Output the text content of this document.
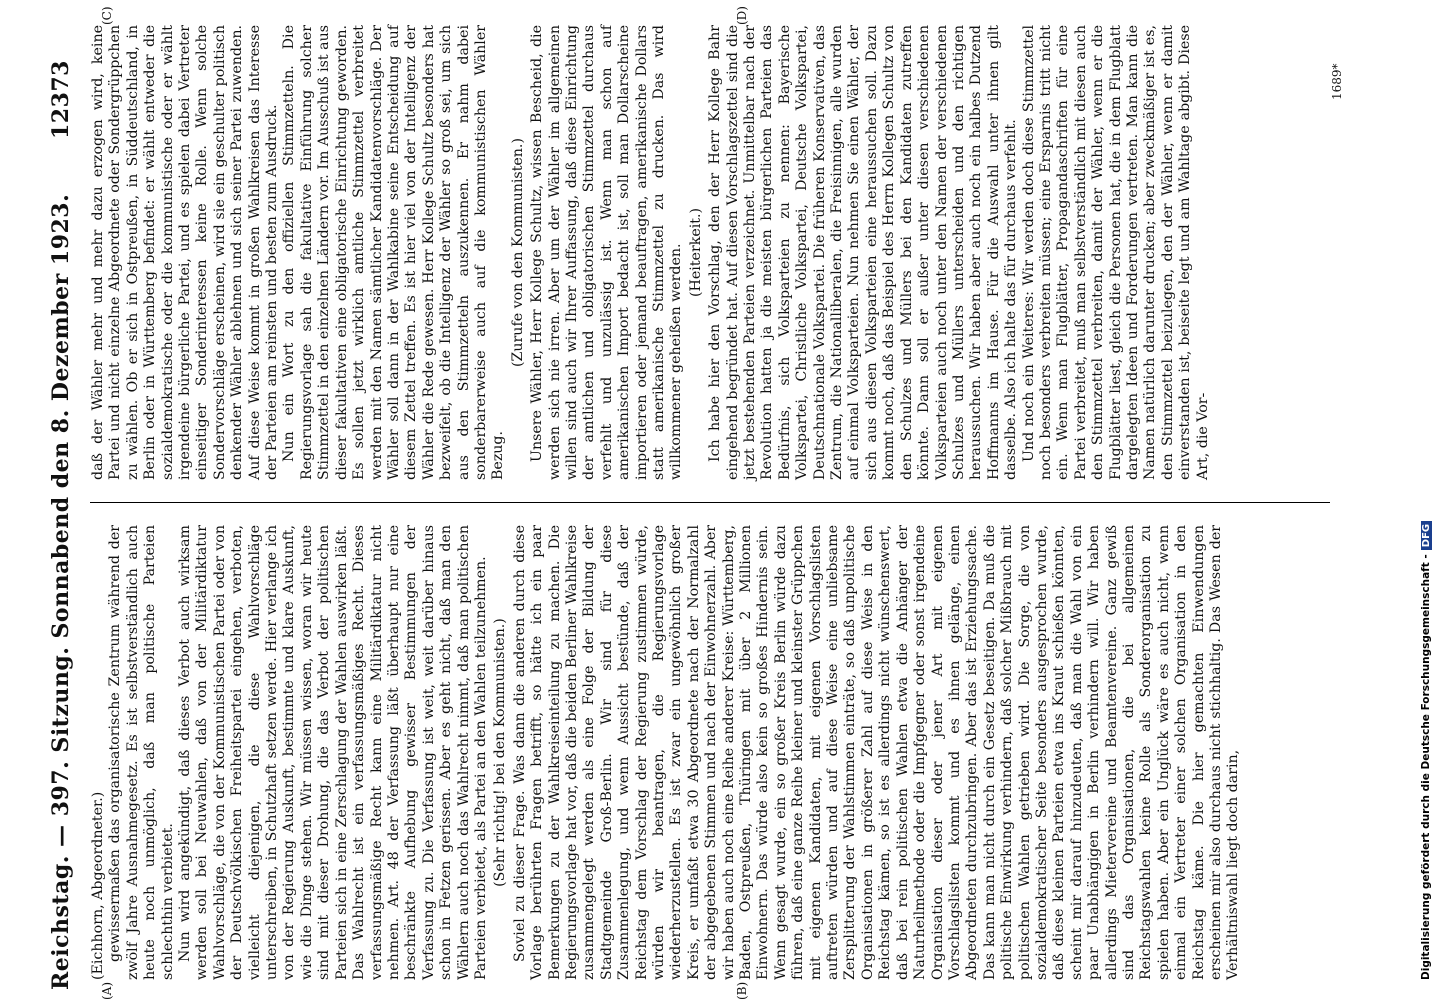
Reichstag. — 397. Sitzung. Sonnabend den 8. Dezember 1923.
12373
(A)	(B)
(C)	(D)

(Eichhorn, Abgeordneter.) gewissermaßen das organisatorische Zentrum während der zwölf Jahre Ausnahmegesetz. Es ist selbstverständlich auch heute noch unmöglich, daß man politische Parteien schlechthin verbietet. Nun wird angekündigt, daß dieses Verbot auch wirksam werden soll bei Neuwahlen, daß von der Militärdiktatur Wahlvorschläge, die von der Kommunistischen Partei oder von der Deutschvölkischen Freiheitspartei eingehen, verboten, vielleicht diejenigen, die diese Wahlvorschläge unterschreiben, in Schutzhaft setzen werde. Hier verlange ich von der Regierung Auskunft, bestimmte und klare Auskunft, wie die Dinge stehen. Wir müssen wissen, woran wir heute sind mit dieser Drohung, die das Verbot der politischen Parteien sich in eine Zerschlagung der Wahlen auswirken läßt. Das Wahlrecht ist ein verfassungsmäßiges Recht. Dieses verfassungsmäßige Recht kann eine Militärdiktatur nicht nehmen. Art. 48 der Verfassung läßt überhaupt nur eine beschränkte Aufhebung gewisser Bestimmungen der Verfassung zu. Die Verfassung ist weit, weit darüber hinaus schon in Fetzen gerissen. Aber es geht nicht, daß man den Wählern auch noch das Wahlrecht nimmt, daß man politischen Parteien verbietet, als Partei an den Wahlen teilzunehmen. (Sehr richtig! bei den Kommunisten.) Soviel zu dieser Frage. Was dann die anderen durch diese Vorlage berührten Fragen betrifft, so hätte ich ein paar Bemerkungen zu der Wahlkreiseinteilung zu machen. Die Regierungsvorlage hat vor, daß die beiden Berliner Wahlkreise zusammengelegt werden als eine Folge der Bildung der Stadtgemeinde Groß-Berlin. Wir sind für diese Zusammenlegung, und wenn Aussicht bestünde, daß der Reichstag dem Vorschlag der Regierung zustimmen würde, würden wir beantragen, die Regierungsvorlage wiederherzustellen. Es ist zwar ein ungewöhnlich großer Kreis, er umfaßt etwa 30 Abgeordnete nach der Normalzahl der abgegebenen Stimmen und nach der Einwohnerzahl. Aber wir haben auch noch eine Reihe anderer Kreise: Württemberg, Baden, Ostpreußen, Thüringen mit über 2 Millionen Einwohnern. Das würde also kein so großes Hindernis sein. Wenn gesagt wurde, ein so großer Kreis Berlin würde dazu führen, daß eine ganze Reihe kleiner und kleinster Grüppchen mit eigenen Kandidaten, mit eigenen Vorschlagslisten auftreten würden und auf diese Weise eine unliebsame Zersplitterung der Wahlstimmen einträte, so daß unpolitische Organisationen in größerer Zahl auf diese Weise in den Reichstag kämen, so ist es allerdings nicht wünschenswert, daß bei rein politischen Wahlen etwa die Anhänger der Naturheilmethode oder die Impfgegner oder sonst irgendeine Organisation dieser oder jener Art mit eigenen Vorschlagslisten kommt und es ihnen gelänge, einen Abgeordneten durchzubringen. Aber das ist Erziehungssache. Das kann man nicht durch ein Gesetz beseitigen. Da muß die politische Einwirkung verhindern, daß solcher Mißbrauch mit politischen Wahlen getrieben wird. Die Sorge, die von sozialdemokratischer Seite besonders ausgesprochen wurde, daß diese kleinen Parteien etwa ins Kraut schießen könnten, scheint mir darauf hinzudeuten, daß man die Wahl von ein paar Unabhängigen in Berlin verhindern will. Wir haben allerdings Mietervereine und Beamtenvereine. Ganz gewiß sind das Organisationen, die bei allgemeinen Reichstagswahlen keine Rolle als Sonderorganisation zu spielen haben. Aber ein Unglück wäre es auch nicht, wenn einmal ein Vertreter einer solchen Organisation in den Reichstag käme. Die hier gemachten Einwendungen erscheinen mir also durchaus nicht stichhaltig. Das Wesen der Verhältniswahl liegt doch darin,

daß der Wähler mehr und mehr dazu erzogen wird, keine Partei und nicht einzelne Abgeordnete oder Sondergrüppchen zu wählen. Ob er sich in Ostpreußen, in Süddeutschland, in Berlin oder in Württemberg befindet: er wählt entweder die sozialdemokratische oder die kommunistische oder er wählt irgendeine bürgerliche Partei, und es spielen dabei Vertreter einseitiger Sonderinteressen keine Rolle. Wenn solche Sondervorschläge erscheinen, wird sie ein geschulter politisch denkender Wähler ablehnen und sich seiner Partei zuwenden. Auf diese Weise kommt in großen Wahlkreisen das Interesse der Parteien am reinsten und besten zum Ausdruck. Nun ein Wort zu den offiziellen Stimmzetteln. Die Regierungsvorlage sah die fakultative Einführung solcher Stimmzettel in den einzelnen Ländern vor. Im Ausschuß ist aus dieser fakultativen eine obligatorische Einrichtung geworden. Es sollen jetzt wirklich amtliche Stimmzettel verbreitet werden mit den Namen sämtlicher Kandidatenvorschläge. Der Wähler soll dann in der Wahlkabine seine Entscheidung auf diesem Zettel treffen. Es ist hier viel von der Intelligenz der Wähler die Rede gewesen. Herr Kollege Schultz besonders hat bezweifelt, ob die Intelligenz der Wähler so groß sei, um sich aus den Stimmzetteln auszukennen. Er nahm dabei sonderbarerweise auch auf die kommunistischen Wähler Bezug.

(Zurufe von den Kommunisten.) Unsere Wähler, Herr Kollege Schultz, wissen Bescheid, die werden sich nie irren. Aber um der Wähler im allgemeinen willen sind auch wir Ihrer Auffassung, daß diese Einrichtung der amtlichen und obligatorischen Stimmzettel durchaus verfehlt und unzulässig ist. Wenn man schon auf amerikanischen Import bedacht ist, soll man Dollarscheine importieren oder jemand beauftragen, amerikanische Dollars statt amerikanische Stimmzettel zu drucken. Das wird willkommener geheißen werden. (Heiterkeit.) Ich habe hier den Vorschlag, den der Herr Kollege Bahr eingehend begründet hat. Auf diesen Vorschlagszettel sind die jetzt bestehenden Parteien verzeichnet. Unmittelbar nach der Revolution hatten ja die meisten bürgerlichen Parteien das Bedürfnis, sich Volksparteien zu nennen: Bayerische Volkspartei, Christliche Volkspartei, Deutsche Volkspartei, Deutschnationale Volkspartei. Die früheren Konservativen, das Zentrum, die Nationalliberalen, die Freisinnigen, alle wurden auf einmal Volksparteien. Nun nehmen Sie einen Wähler, der sich aus diesen Volksparteien eine heraussuchen soll. Dazu kommt noch, daß das Beispiel des Herrn Kollegen Schultz von den Schulzes und Müllers bei den Kandidaten zutreffen könnte. Dann soll er außer unter diesen verschiedenen Volksparteien auch noch unter den Namen der verschiedenen Schulzes und Müllers unterscheiden und den richtigen heraussuchen. Wir haben aber auch noch ein halbes Dutzend Hoffmanns im Hause. Für die Auswahl unter ihnen gilt dasselbe. Also ich halte das für durchaus verfehlt. Und noch ein Weiteres: Wir werden doch diese Stimmzettel noch besonders verbreiten müssen; eine Ersparnis tritt nicht ein. Wenn man Flugblätter, Propagandaschriften für eine Partei verbreitet, muß man selbstverständlich mit diesen auch den Stimmzettel verbreiten, damit der Wähler, wenn er die Flugblätter liest, gleich die Personen hat, die in dem Flugblatt dargelegten Ideen und Forderungen vertreten. Man kann die Namen natürlich darunter drucken; aber zweckmäßiger ist es, den Stimmzettel beizulegen, den der Wähler, wenn er damit einverstanden ist, beiseite legt und am Wahltage abgibt. Diese Art, die Vor-

1689*
Digitalisierung gefördert durch die Deutsche Forschungsgemeinschaft -DFG
